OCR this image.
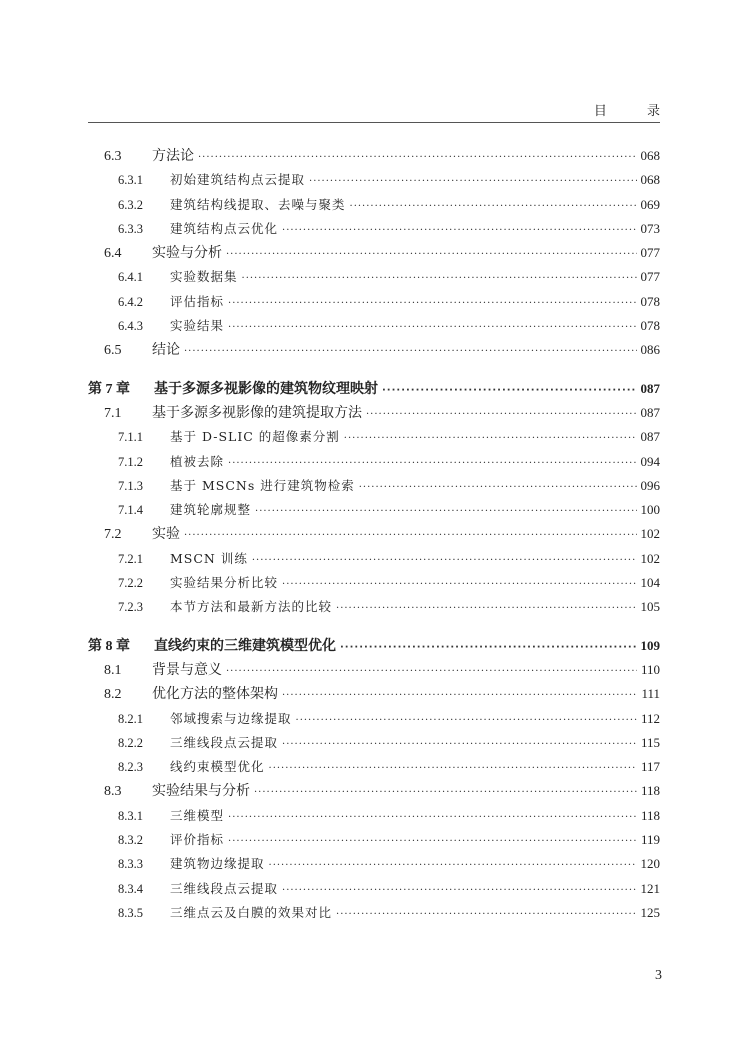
目 录
6.3	方法论 ·····	068
6.3.1	初始建筑结构点云提取 ·····	068
6.3.2	建筑结构线提取、去噪与聚类 ·····	069
6.3.3	建筑结构点云优化 ·····	073
6.4	实验与分析 ·····	077
6.4.1	实验数据集 ·····	077
6.4.2	评估指标 ·····	078
6.4.3	实验结果 ·····	078
6.5	结论 ·····	086
第 7 章	基于多源多视影像的建筑物纹理映射 ·····	087
7.1	基于多源多视影像的建筑提取方法 ·····	087
7.1.1	基于 D-SLIC 的超像素分割 ·····	087
7.1.2	植被去除 ·····	094
7.1.3	基于 MSCNs 进行建筑物检索 ·····	096
7.1.4	建筑轮廓规整 ·····	100
7.2	实验 ·····	102
7.2.1	MSCN 训练 ·····	102
7.2.2	实验结果分析比较 ·····	104
7.2.3	本节方法和最新方法的比较 ·····	105
第 8 章	直线约束的三维建筑模型优化 ·····	109
8.1	背景与意义 ·····	110
8.2	优化方法的整体架构 ·····	111
8.2.1	邻域搜索与边缘提取 ·····	112
8.2.2	三维线段点云提取 ·····	115
8.2.3	线约束模型优化 ·····	117
8.3	实验结果与分析 ·····	118
8.3.1	三维模型 ·····	118
8.3.2	评价指标 ·····	119
8.3.3	建筑物边缘提取 ·····	120
8.3.4	三维线段点云提取 ·····	121
8.3.5	三维点云及白膜的效果对比 ·····	125
3
